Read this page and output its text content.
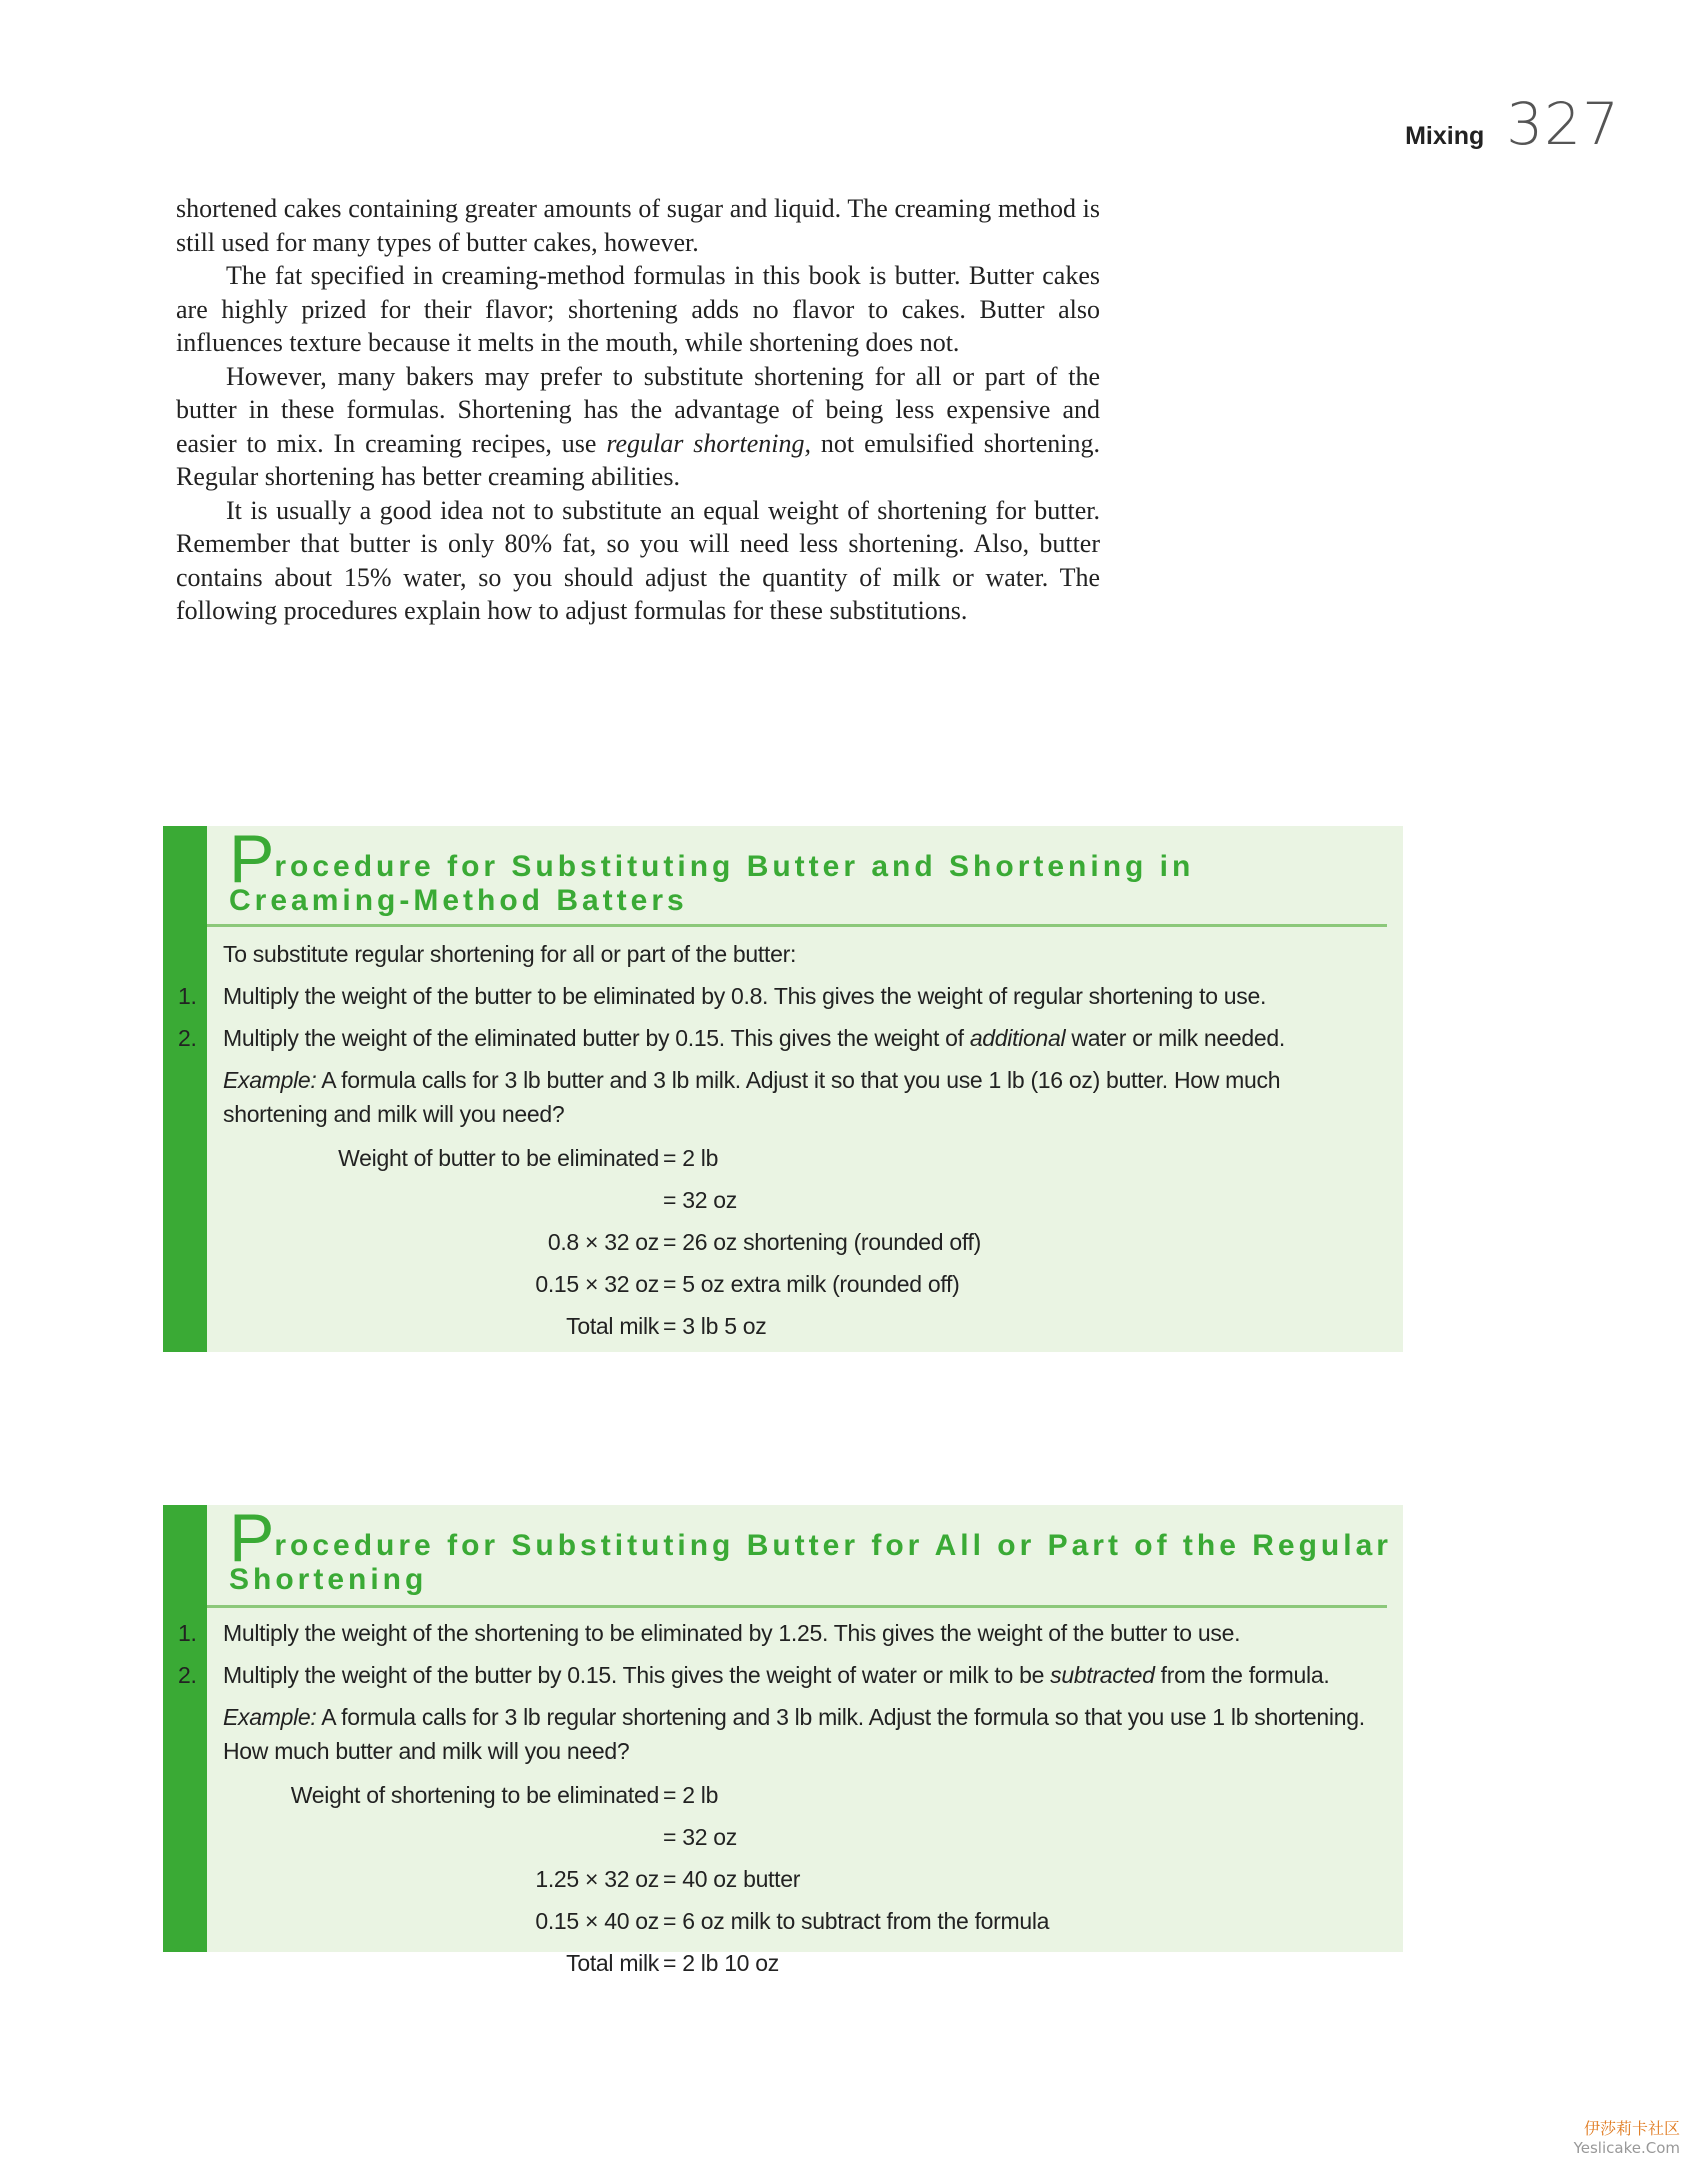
Mixing 327

shortened cakes containing greater amounts of sugar and liquid. The creaming method is still used for many types of butter cakes, however.

The fat specified in creaming-method formulas in this book is butter. Butter cakes are highly prized for their flavor; shortening adds no flavor to cakes. Butter also influences texture because it melts in the mouth, while shortening does not.

However, many bakers may prefer to substitute shortening for all or part of the butter in these formulas. Shortening has the advantage of being less expensive and easier to mix. In creaming recipes, use regular shortening, not emulsified shortening. Regular shortening has better creaming abilities.

It is usually a good idea not to substitute an equal weight of shortening for butter. Remember that butter is only 80% fat, so you will need less shortening. Also, butter contains about 15% water, so you should adjust the quantity of milk or water. The following procedures explain how to adjust formulas for these substitutions.

Procedure for Substituting Butter and Shortening in
Creaming-Method Batters
To substitute regular shortening for all or part of the butter:
1. Multiply the weight of the butter to be eliminated by 0.8. This gives the weight of regular shortening to use.
2. Multiply the weight of the eliminated butter by 0.15. This gives the weight of additional water or milk needed.
Example: A formula calls for 3 lb butter and 3 lb milk. Adjust it so that you use 1 lb (16 oz) butter. How much shortening and milk will you need?
Weight of butter to be eliminated = 2 lb
= 32 oz
0.8 × 32 oz = 26 oz shortening (rounded off)
0.15 × 32 oz = 5 oz extra milk (rounded off)
Total milk = 3 lb 5 oz
Procedure for Substituting Butter for All or Part of the Regular Shortening
1. Multiply the weight of the shortening to be eliminated by 1.25. This gives the weight of the butter to use.
2. Multiply the weight of the butter by 0.15. This gives the weight of water or milk to be subtracted from the formula.
Example: A formula calls for 3 lb regular shortening and 3 lb milk. Adjust the formula so that you use 1 lb shortening. How much butter and milk will you need?
Weight of shortening to be eliminated = 2 lb
= 32 oz
1.25 × 32 oz = 40 oz butter
0.15 × 40 oz = 6 oz milk to subtract from the formula
Total milk = 2 lb 10 oz
伊莎莉卡社区
Yeslicake.Com
